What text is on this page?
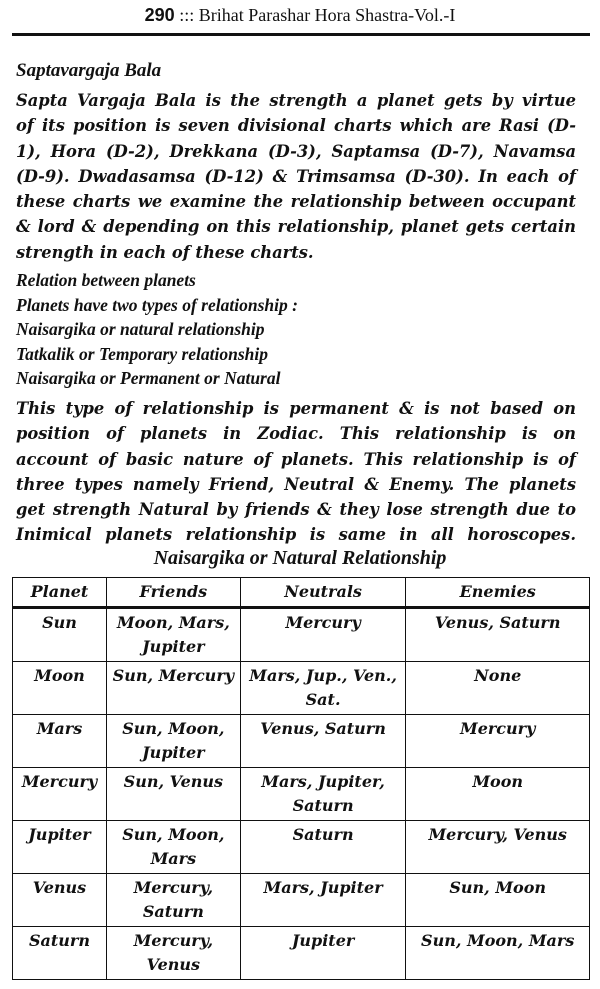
290 ::: Brihat Parashar Hora Shastra-Vol.-I
Saptavargaja Bala
Sapta Vargaja Bala is the strength a planet gets by virtue
of its position is seven divisional charts which are Rasi (D-
1), Hora (D-2), Drekkana (D-3), Saptamsa (D-7), Navamsa
(D-9). Dwadasamsa (D-12) & Trimsamsa (D-30). In each of
these charts we examine the relationship between occupant
& lord & depending on this relationship, planet gets certain
strength in each of these charts.
Relation between planets
Planets have two types of relationship :
Naisargika or natural relationship
Tatkalik or Temporary relationship
Naisargika or Permanent or Natural
This type of relationship is permanent & is not based on
position of planets in Zodiac. This relationship is on
account of basic nature of planets. This relationship is of
three types namely Friend, Neutral & Enemy. The planets
get strength Natural by friends & they lose strength due to
Inimical planets relationship is same in all horoscopes.
Naisargika or Natural Relationship
Planet	Friends	Neutrals	Enemies
Sun	Moon, Mars, Jupiter	Mercury	Venus, Saturn
Moon	Sun, Mercury	Mars, Jup., Ven., Sat.	None
Mars	Sun, Moon, Jupiter	Venus, Saturn	Mercury
Mercury	Sun, Venus	Mars, Jupiter, Saturn	Moon
Jupiter	Sun, Moon, Mars	Saturn	Mercury, Venus
Venus	Mercury, Saturn	Mars, Jupiter	Sun, Moon
Saturn	Mercury, Venus	Jupiter	Sun, Moon, Mars
